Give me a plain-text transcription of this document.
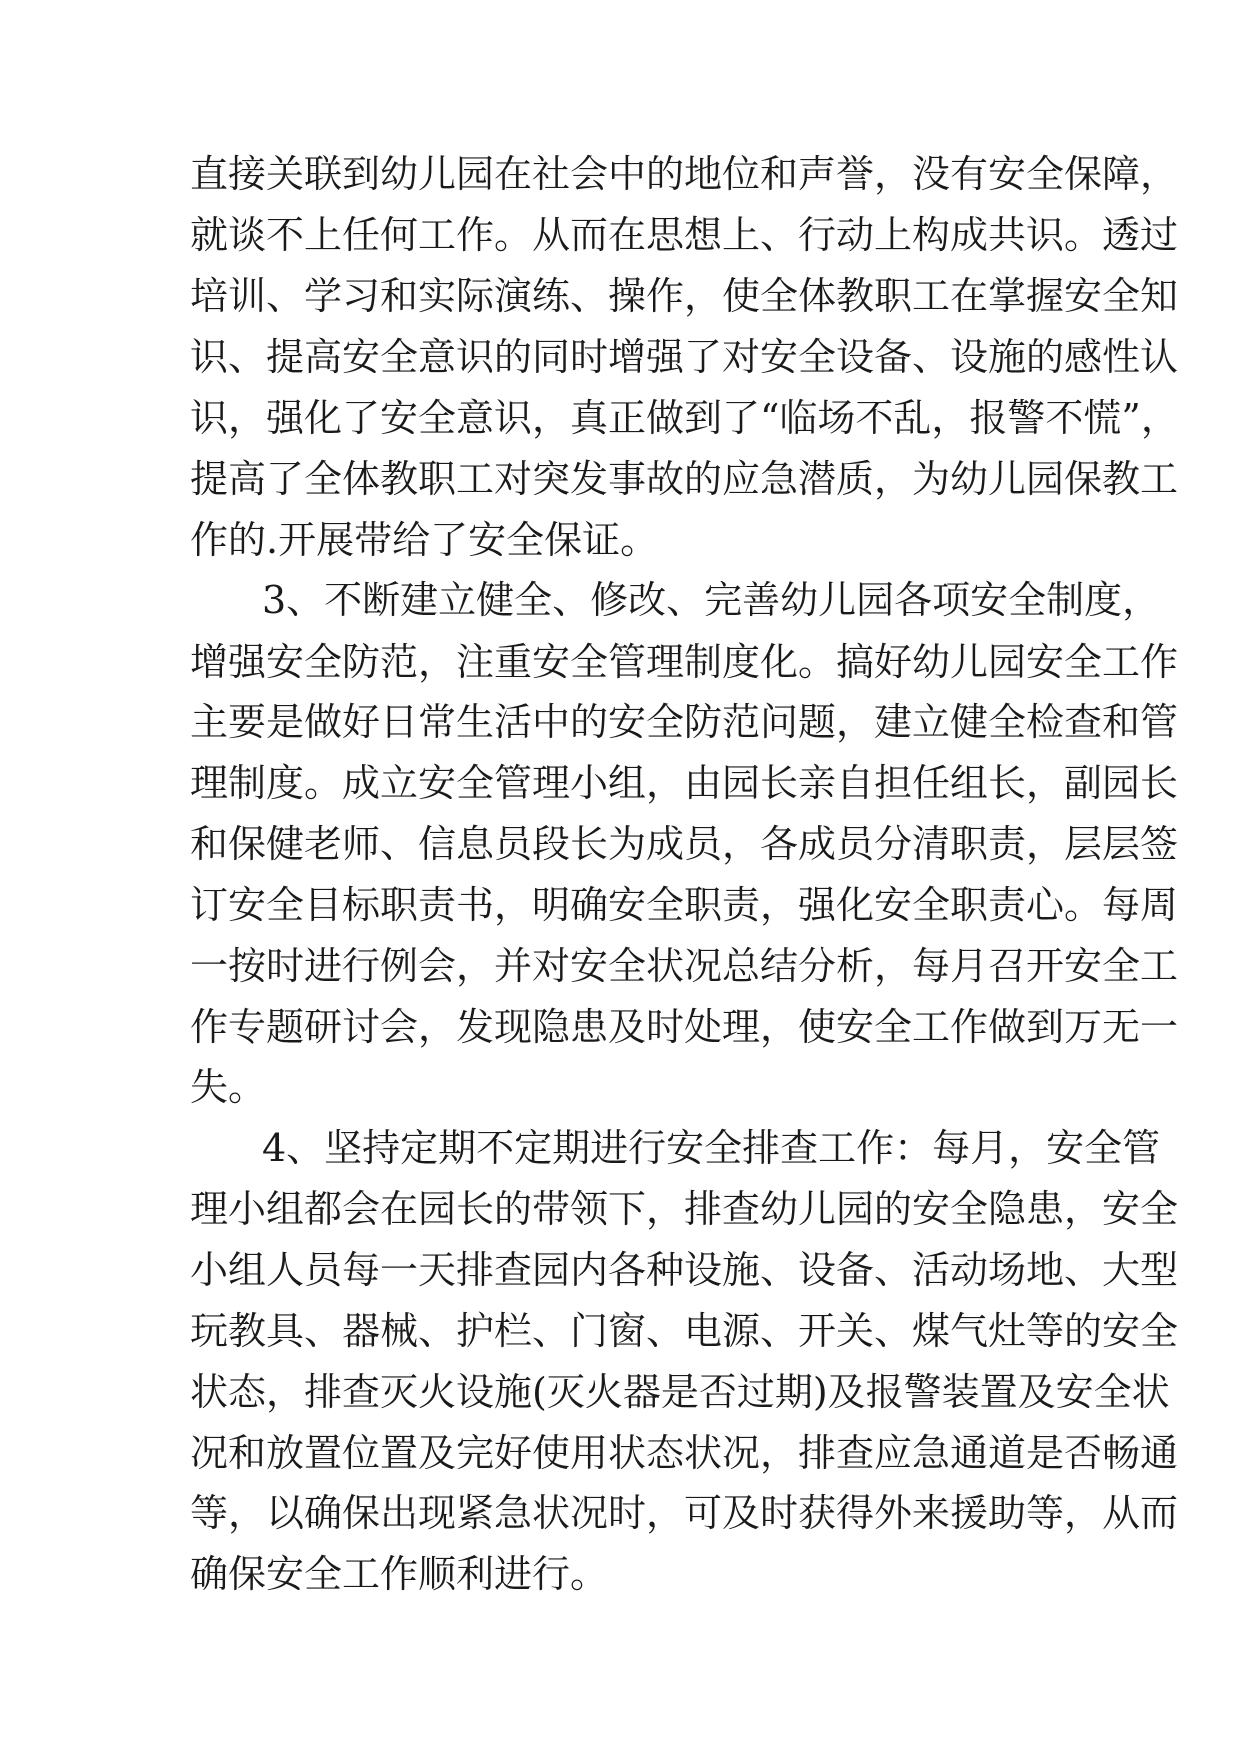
直接关联到幼儿园在社会中的地位和声誉，没有安全保障，
就谈不上任何工作。从而在思想上、行动上构成共识。透过
培训、学习和实际演练、操作，使全体教职工在掌握安全知
识、提高安全意识的同时增强了对安全设备、设施的感性认
识，强化了安全意识，真正做到了“临场不乱，报警不慌”，
提高了全体教职工对突发事故的应急潜质，为幼儿园保教工
作的.开展带给了安全保证。
3、不断建立健全、修改、完善幼儿园各项安全制度，
增强安全防范，注重安全管理制度化。搞好幼儿园安全工作
主要是做好日常生活中的安全防范问题，建立健全检查和管
理制度。成立安全管理小组，由园长亲自担任组长，副园长
和保健老师、信息员段长为成员，各成员分清职责，层层签
订安全目标职责书，明确安全职责，强化安全职责心。每周
一按时进行例会，并对安全状况总结分析，每月召开安全工
作专题研讨会，发现隐患及时处理，使安全工作做到万无一
失。
4、坚持定期不定期进行安全排查工作：每月，安全管
理小组都会在园长的带领下，排查幼儿园的安全隐患，安全
小组人员每一天排查园内各种设施、设备、活动场地、大型
玩教具、器械、护栏、门窗、电源、开关、煤气灶等的安全
状态，排查灭火设施(灭火器是否过期)及报警装置及安全状
况和放置位置及完好使用状态状况，排查应急通道是否畅通
等，以确保出现紧急状况时，可及时获得外来援助等，从而
确保安全工作顺利进行。
